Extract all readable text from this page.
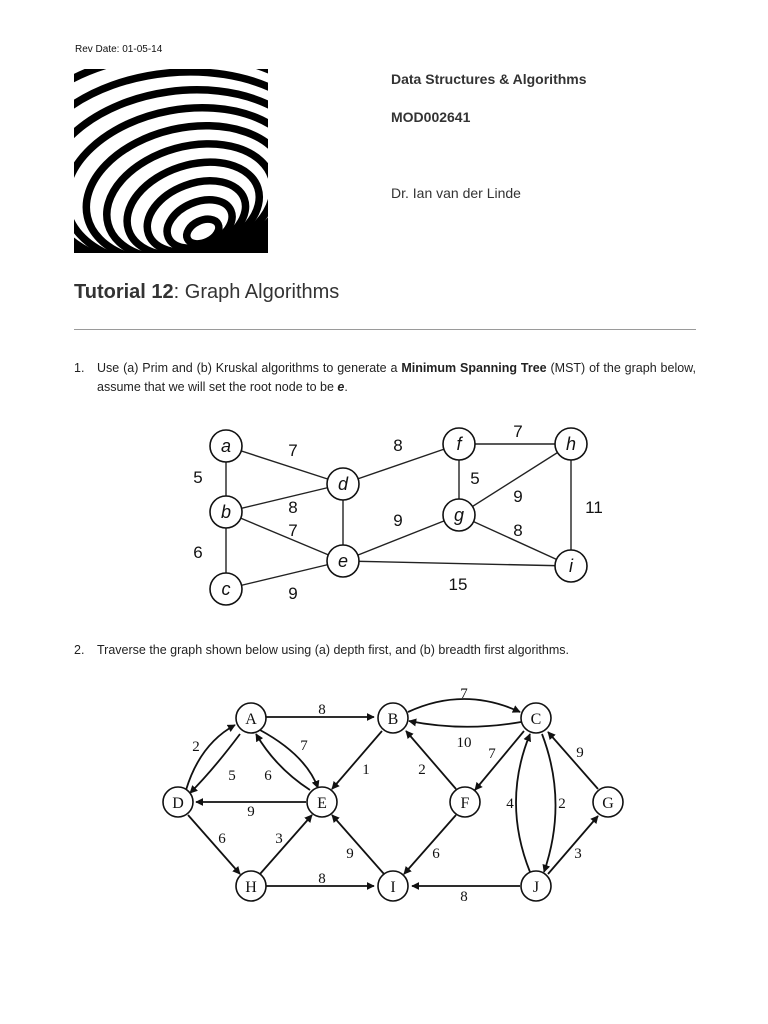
Rev Date: 01-05-14
Data Structures & Algorithms
MOD002641
Dr. Ian van der Linde
Tutorial 12: Graph Algorithms
1. Use (a) Prim and (b) Kruskal algorithms to generate a Minimum Spanning Tree (MST) of the graph below, assume that we will set the root node to be e.
7
5
8
7
6
9
8
9
15
5
7
9
8
11
a
b
c
d
e
f
g
h
i
2. Traverse the graph shown below using (a) depth first, and (b) breadth first algorithms.
8
7
10
2
5
7
6	1	2
7	9
4	2
9
6	3
9	6
8
8
3
A	B	C
D	E	F	G
H	I	J
